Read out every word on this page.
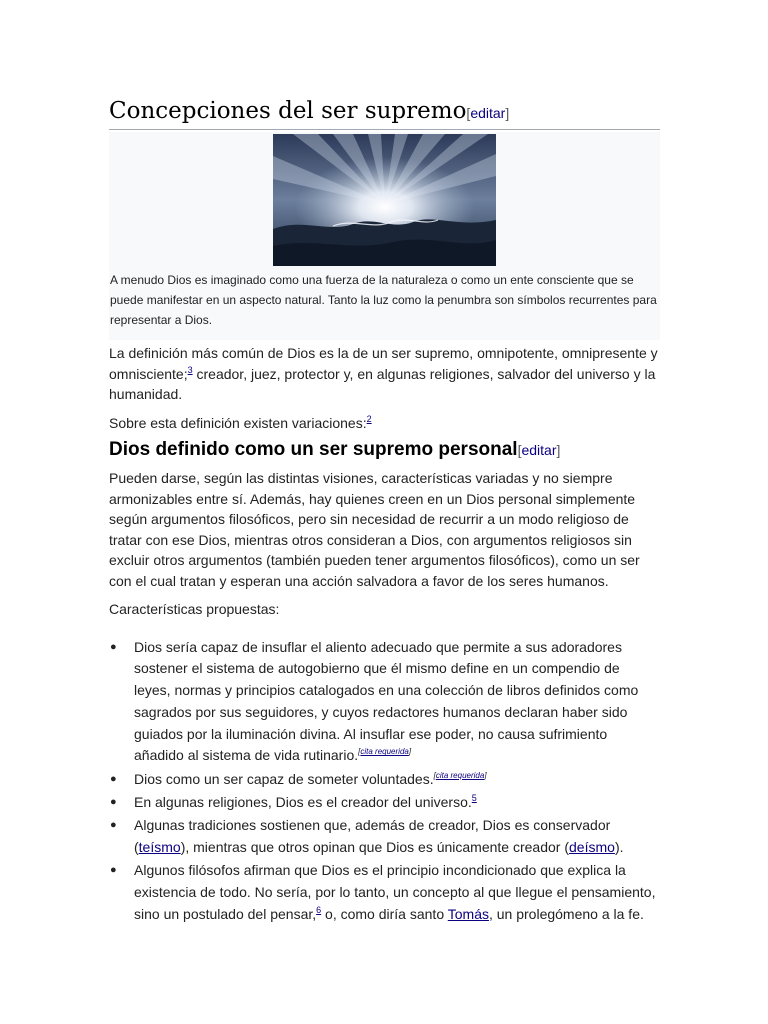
Concepciones del ser supremo[editar]
A menudo Dios es imaginado como una fuerza de la naturaleza o como un ente consciente que se puede manifestar en un aspecto natural. Tanto la luz como la penumbra son símbolos recurrentes para representar a Dios.

La definición más común de Dios es la de un ser supremo, omnipotente, omnipresente y omnisciente;$^3$ creador, juez, protector y, en algunas religiones, salvador del universo y la humanidad.

Sobre esta definición existen variaciones:$^2$

Dios definido como un ser supremo personal[editar]

Pueden darse, según las distintas visiones, características variadas y no siempre armonizables entre sí. Además, hay quienes creen en un Dios personal simplemente según argumentos filosóficos, pero sin necesidad de recurrir a un modo religioso de tratar con ese Dios, mientras otros consideran a Dios, con argumentos religiosos sin excluir otros argumentos (también pueden tener argumentos filosóficos), como un ser con el cual tratan y esperan una acción salvadora a favor de los seres humanos.

Características propuestas:

● Dios sería capaz de insuflar el aliento adecuado que permite a sus adoradores sostener el sistema de autogobierno que él mismo define en un compendio de leyes, normas y principios catalogados en una colección de libros definidos como sagrados por sus seguidores, y cuyos redactores humanos declaran haber sido guiados por la iluminación divina. Al insuflar ese poder, no causa sufrimiento añadido al sistema de vida rutinario.[cita requerida]
● Dios como un ser capaz de someter voluntades.[cita requerida]
● En algunas religiones, Dios es el creador del universo.$^5$
● Algunas tradiciones sostienen que, además de creador, Dios es conservador (teísmo), mientras que otros opinan que Dios es únicamente creador (deísmo).
● Algunos filósofos afirman que Dios es el principio incondicionado que explica la existencia de todo. No sería, por lo tanto, un concepto al que llegue el pensamiento, sino un postulado del pensar,$^6$ o, como diría santo Tomás, un prolegómeno a la fe.
